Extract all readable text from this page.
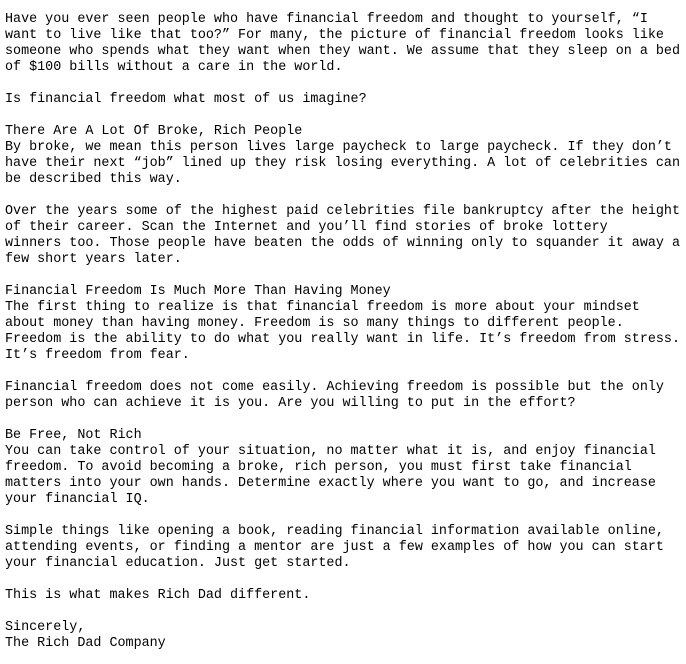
Have you ever seen people who have financial freedom and thought to yourself, “I
want to live like that too?” For many, the picture of financial freedom looks like
someone who spends what they want when they want. We assume that they sleep on a bed
of $100 bills without a care in the world.
Is financial freedom what most of us imagine?
There Are A Lot Of Broke, Rich People
By broke, we mean this person lives large paycheck to large paycheck. If they don’t
have their next “job” lined up they risk losing everything. A lot of celebrities can
be described this way.
Over the years some of the highest paid celebrities file bankruptcy after the height
of their career. Scan the Internet and you’ll find stories of broke lottery
winners too. Those people have beaten the odds of winning only to squander it away a
few short years later.
Financial Freedom Is Much More Than Having Money
The first thing to realize is that financial freedom is more about your mindset
about money than having money. Freedom is so many things to different people.
Freedom is the ability to do what you really want in life. It’s freedom from stress.
It’s freedom from fear.
Financial freedom does not come easily. Achieving freedom is possible but the only
person who can achieve it is you. Are you willing to put in the effort?
Be Free, Not Rich
You can take control of your situation, no matter what it is, and enjoy financial
freedom. To avoid becoming a broke, rich person, you must first take financial
matters into your own hands. Determine exactly where you want to go, and increase
your financial IQ.
Simple things like opening a book, reading financial information available online,
attending events, or finding a mentor are just a few examples of how you can start
your financial education. Just get started.
This is what makes Rich Dad different.
Sincerely,
The Rich Dad Company
